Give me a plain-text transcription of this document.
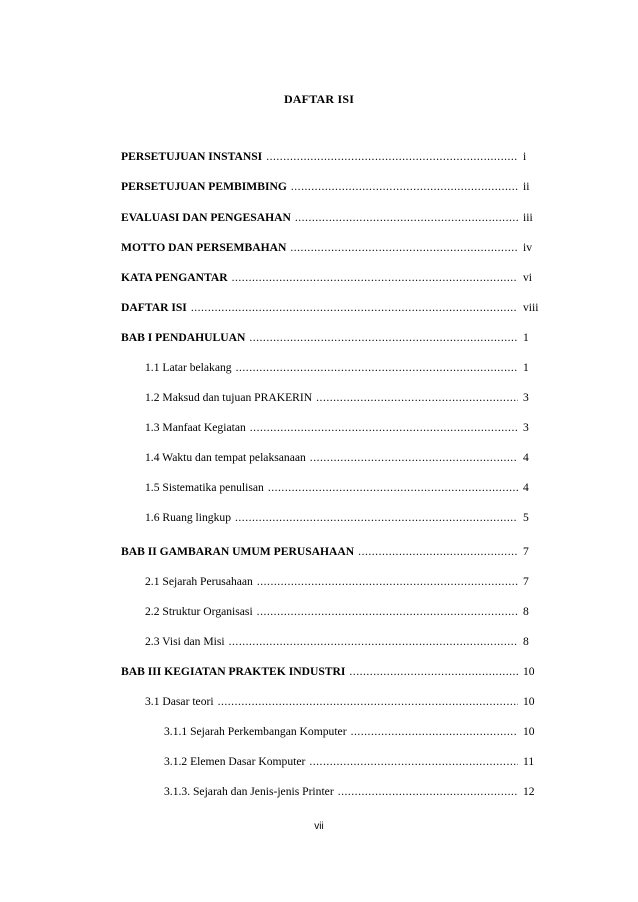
DAFTAR ISI
PERSETUJUAN INSTANSI .....	i
PERSETUJUAN PEMBIMBING .....	ii
EVALUASI DAN PENGESAHAN .....	iii
MOTTO DAN PERSEMBAHAN .....	iv
KATA PENGANTAR .....	vi
DAFTAR ISI .....	viii
BAB I PENDAHULUAN .....	1
1.1 Latar belakang .....	1
1.2 Maksud dan tujuan PRAKERIN .....	3
1.3 Manfaat Kegiatan .....	3
1.4 Waktu dan tempat pelaksanaan .....	4
1.5 Sistematika penulisan .....	4
1.6 Ruang lingkup .....	5
BAB II GAMBARAN UMUM PERUSAHAAN .....	7
2.1 Sejarah Perusahaan .....	7
2.2 Struktur Organisasi .....	8
2.3 Visi dan Misi .....	8
BAB III KEGIATAN PRAKTEK INDUSTRI .....	10
3.1 Dasar teori .....	10
3.1.1 Sejarah Perkembangan Komputer .....	10
3.1.2 Elemen Dasar Komputer .....	11
3.1.3. Sejarah dan Jenis-jenis Printer .....	12
vii
